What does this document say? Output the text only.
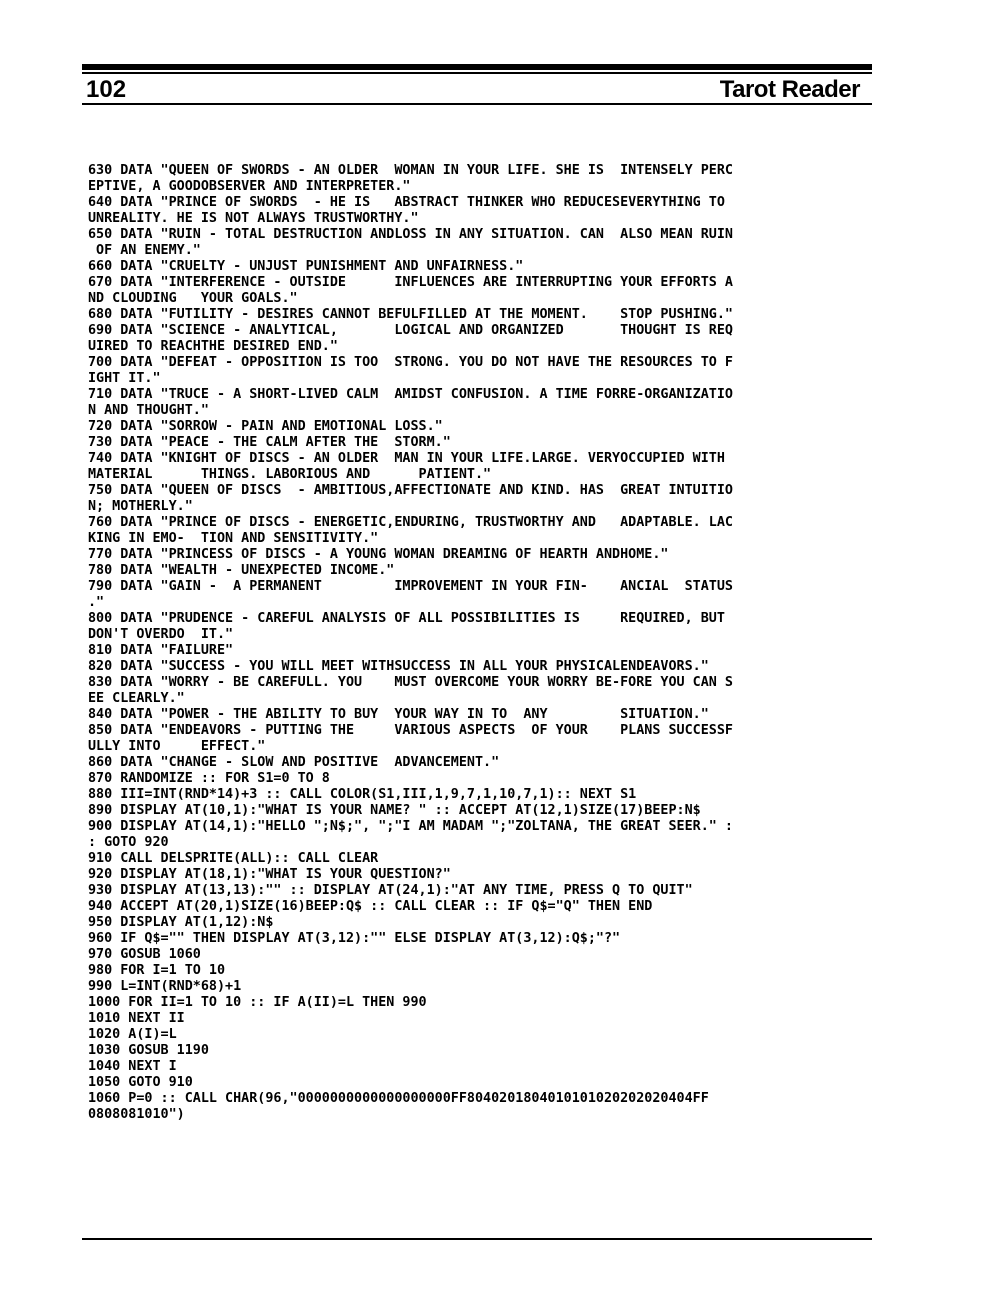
102	Tarot Reader
630 DATA "QUEEN OF SWORDS - AN OLDER  WOMAN IN YOUR LIFE. SHE IS  INTENSELY PERC
EPTIVE, A GOODOBSERVER AND INTERPRETER."
640 DATA "PRINCE OF SWORDS  - HE IS   ABSTRACT THINKER WHO REDUCESEVERYTHING TO
UNREALITY. HE IS NOT ALWAYS TRUSTWORTHY."
650 DATA "RUIN - TOTAL DESTRUCTION ANDLOSS IN ANY SITUATION. CAN  ALSO MEAN RUIN
OF AN ENEMY."
660 DATA "CRUELTY - UNJUST PUNISHMENT AND UNFAIRNESS."
670 DATA "INTERFERENCE - OUTSIDE      INFLUENCES ARE INTERRUPTING YOUR EFFORTS A
ND CLOUDING   YOUR GOALS."
680 DATA "FUTILITY - DESIRES CANNOT BEFULFILLED AT THE MOMENT.    STOP PUSHING."
690 DATA "SCIENCE - ANALYTICAL,       LOGICAL AND ORGANIZED       THOUGHT IS REQ
UIRED TO REACHTHE DESIRED END."
700 DATA "DEFEAT - OPPOSITION IS TOO  STRONG. YOU DO NOT HAVE THE RESOURCES TO F
IGHT IT."
710 DATA "TRUCE - A SHORT-LIVED CALM  AMIDST CONFUSION. A TIME FORRE-ORGANIZATIO
N AND THOUGHT."
720 DATA "SORROW - PAIN AND EMOTIONAL LOSS."
730 DATA "PEACE - THE CALM AFTER THE  STORM."
740 DATA "KNIGHT OF DISCS - AN OLDER  MAN IN YOUR LIFE.LARGE. VERYOCCUPIED WITH
MATERIAL      THINGS. LABORIOUS AND      PATIENT."
750 DATA "QUEEN OF DISCS  - AMBITIOUS,AFFECTIONATE AND KIND. HAS  GREAT INTUITIO
N; MOTHERLY."
760 DATA "PRINCE OF DISCS - ENERGETIC,ENDURING, TRUSTWORTHY AND   ADAPTABLE. LAC
KING IN EMO-  TION AND SENSITIVITY."
770 DATA "PRINCESS OF DISCS - A YOUNG WOMAN DREAMING OF HEARTH ANDHOME."
780 DATA "WEALTH - UNEXPECTED INCOME."
790 DATA "GAIN -  A PERMANENT         IMPROVEMENT IN YOUR FIN-    ANCIAL  STATUS
."
800 DATA "PRUDENCE - CAREFUL ANALYSIS OF ALL POSSIBILITIES IS     REQUIRED, BUT
DON'T OVERDO  IT."
810 DATA "FAILURE"
820 DATA "SUCCESS - YOU WILL MEET WITHSUCCESS IN ALL YOUR PHYSICALENDEAVORS."
830 DATA "WORRY - BE CAREFULL. YOU    MUST OVERCOME YOUR WORRY BE-FORE YOU CAN S
EE CLEARLY."
840 DATA "POWER - THE ABILITY TO BUY  YOUR WAY IN TO  ANY         SITUATION."
850 DATA "ENDEAVORS - PUTTING THE     VARIOUS ASPECTS  OF YOUR    PLANS SUCCESSF
ULLY INTO     EFFECT."
860 DATA "CHANGE - SLOW AND POSITIVE  ADVANCEMENT."
870 RANDOMIZE :: FOR S1=0 TO 8
880 III=INT(RND*14)+3 :: CALL COLOR(S1,III,1,9,7,1,10,7,1):: NEXT S1
890 DISPLAY AT(10,1):"WHAT IS YOUR NAME? " :: ACCEPT AT(12,1)SIZE(17)BEEP:N$
900 DISPLAY AT(14,1):"HELLO ";N$;", ";"I AM MADAM ";"ZOLTANA, THE GREAT SEER." :
: GOTO 920
910 CALL DELSPRITE(ALL):: CALL CLEAR
920 DISPLAY AT(18,1):"WHAT IS YOUR QUESTION?"
930 DISPLAY AT(13,13):"" :: DISPLAY AT(24,1):"AT ANY TIME, PRESS Q TO QUIT"
940 ACCEPT AT(20,1)SIZE(16)BEEP:Q$ :: CALL CLEAR :: IF Q$="Q" THEN END
950 DISPLAY AT(1,12):N$
960 IF Q$="" THEN DISPLAY AT(3,12):"" ELSE DISPLAY AT(3,12):Q$;"?"
970 GOSUB 1060
980 FOR I=1 TO 10
990 L=INT(RND*68)+1
1000 FOR II=1 TO 10 :: IF A(II)=L THEN 990
1010 NEXT II
1020 A(I)=L
1030 GOSUB 1190
1040 NEXT I
1050 GOTO 910
1060 P=0 :: CALL CHAR(96,"0000000000000000000FF8040201804010101020202020404FF
0808081010")
